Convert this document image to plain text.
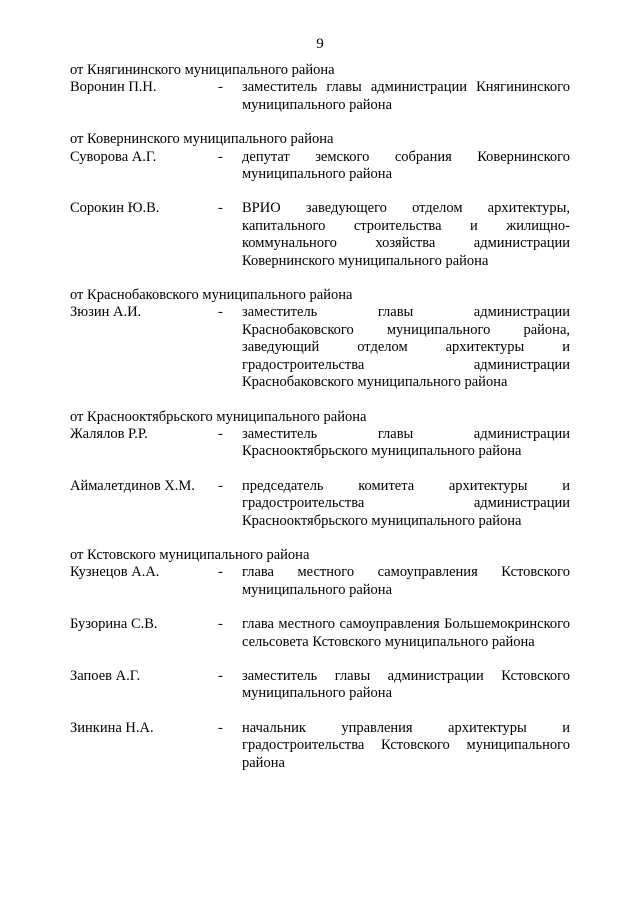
9
от Княгининского муниципального района
Воронин П.Н.	-	заместитель главы администрации Княгининского муниципального района
от Ковернинского муниципального района
Суворова А.Г.	-	депутат земского собрания Ковернинского муниципального района
Сорокин Ю.В.	-	ВРИО заведующего отделом архитектуры, капитального строительства и жилищно-коммунального хозяйства администрации Ковернинского муниципального района
от Краснобаковского муниципального района
Зюзин А.И.	-	заместитель главы администрации Краснобаковского муниципального района, заведующий отделом архитектуры и градостроительства администрации Краснобаковского муниципального района
от Краснооктябрьского муниципального района
Жалялов Р.Р.	-	заместитель главы администрации Краснооктябрьского муниципального района
Аймалетдинов Х.М.	-	председатель комитета архитектуры и градостроительства администрации Краснооктябрьского муниципального района
от Кстовского муниципального района
Кузнецов А.А.	-	глава местного самоуправления Кстовского муниципального района
Бузорина С.В.	-	глава местного самоуправления Большемокринского сельсовета Кстовского муниципального района
Запоев А.Г.	-	заместитель главы администрации Кстовского муниципального района
Зинкина Н.А.	-	начальник управления архитектуры и градостроительства Кстовского муниципального района
